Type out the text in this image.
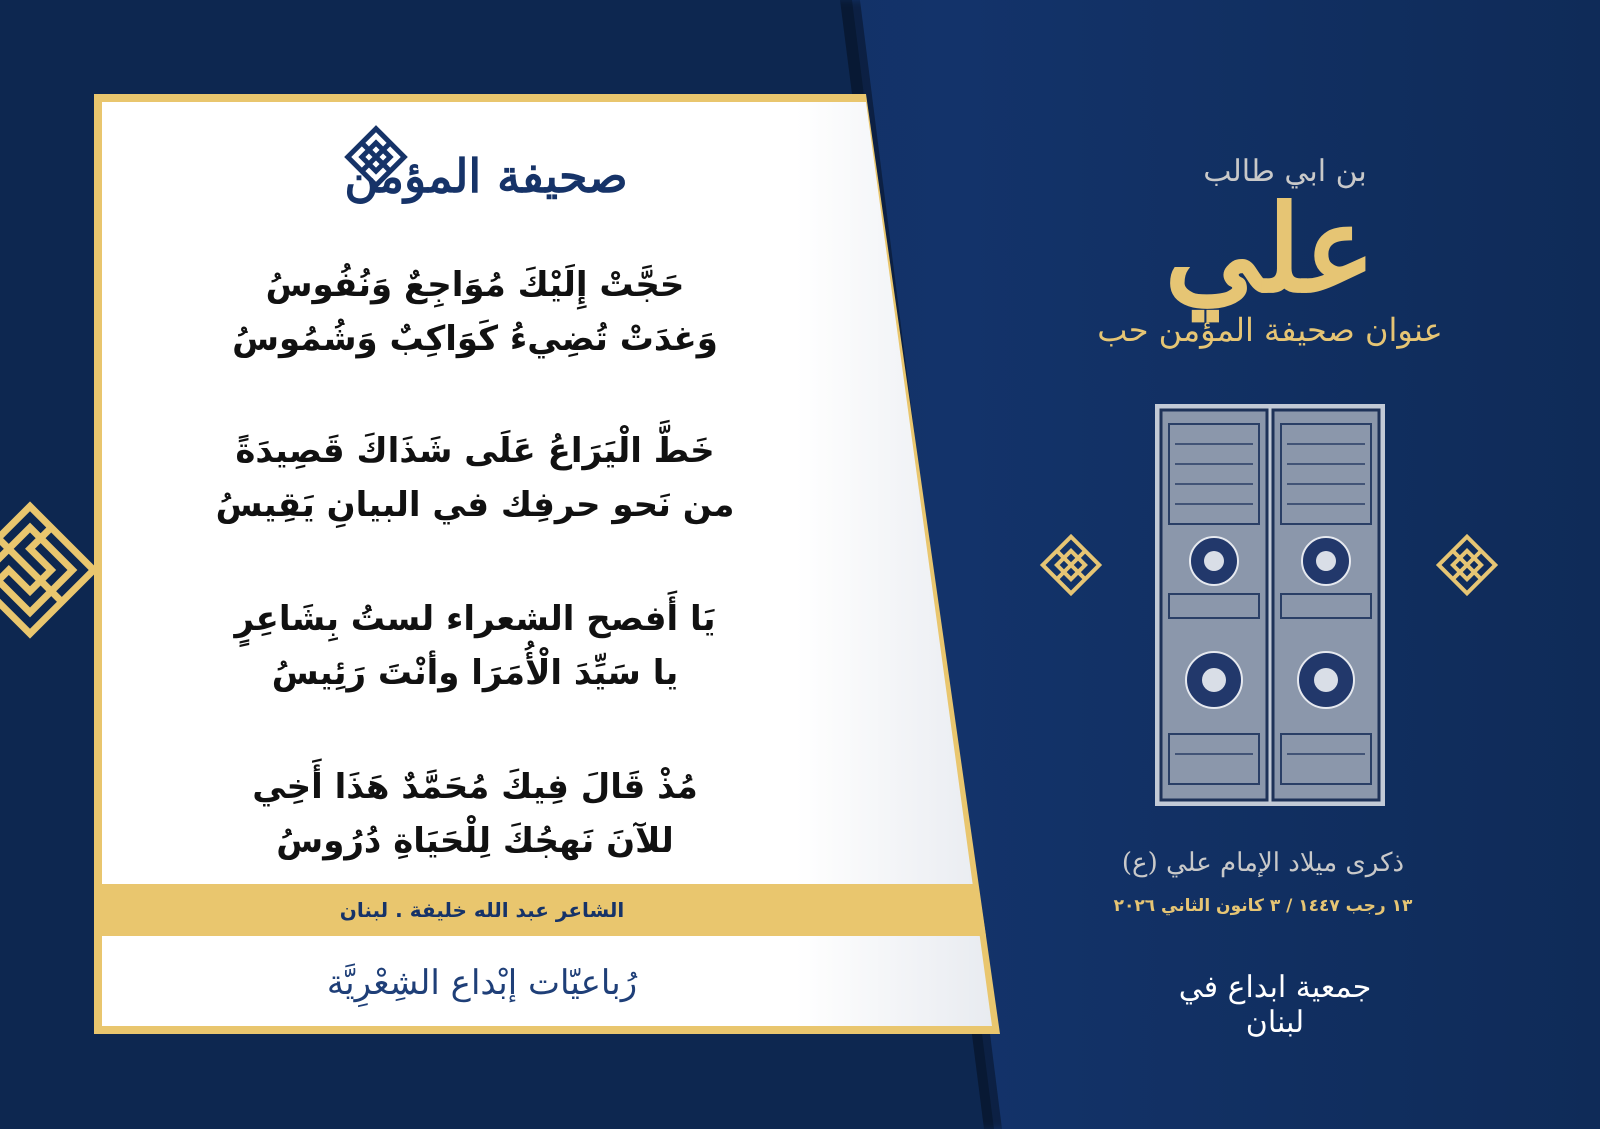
صحيفة المؤمن
حَجَّتْ إِلَيْكَ مُوَاجِعٌ وَنُفُوسُ
وَغدَتْ تُضِيءُ كَوَاكِبٌ وَشُمُوسُ
خَطَّ الْيَرَاعُ عَلَى شَذَاكَ قَصِيدَةً
من نَحو حرفِك في البيانِ يَقِيسُ
يَا أَفصح الشعراء لستُ بِشَاعِرٍ
يا سَيِّدَ الْأُمَرَا وأنْتَ رَئِيسُ
مُذْ قَالَ فِيكَ مُحَمَّدٌ هَذَا أَخِي
للآنَ نَهجُكَ لِلْحَيَاةِ دُرُوسُ
الشاعر عبد الله خليفة . لبنان
رُباعيّات إبْداع الشِعْرِيَّة
بن ابي طالب
علي
عنوان صحيفة المؤمن حب
ذكرى ميلاد الإمام علي (ع)
١٣ رجب ١٤٤٧ / ٣ كانون الثاني ٢٠٢٦
جمعية ابداع في لبنان
